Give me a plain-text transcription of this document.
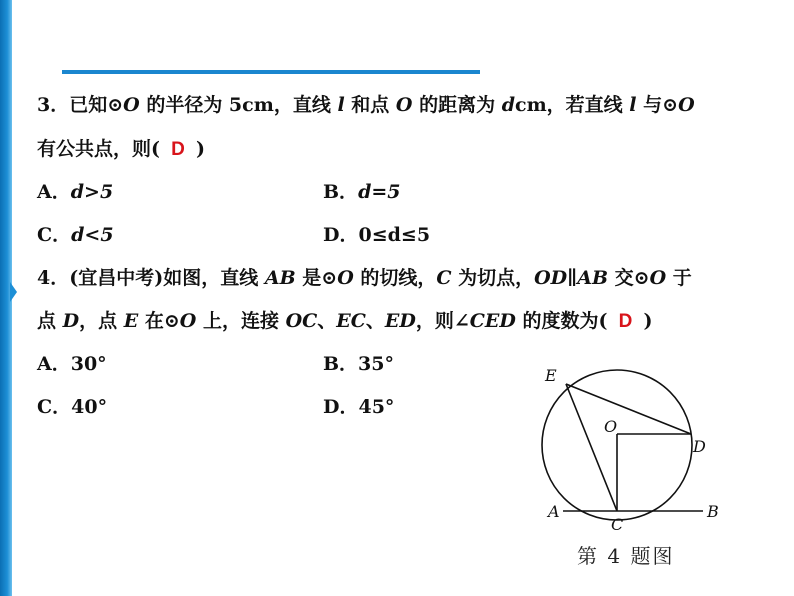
3．已知⊙O 的半径为 5cm，直线 l 和点 O 的距离为 dcm，若直线 l 与⊙O
有公共点，则( D )
A．d>5	B．d=5
C．d<5	D．0≤d≤5
4．(宜昌中考)如图，直线 AB 是⊙O 的切线，C 为切点，OD∥AB 交⊙O 于
点 D，点 E 在⊙O 上，连接 OC、EC、ED，则∠CED 的度数为( D )
A．30°	B．35°
C．40°	D．45°
E
O
D
A	B
C
第 4 题图
